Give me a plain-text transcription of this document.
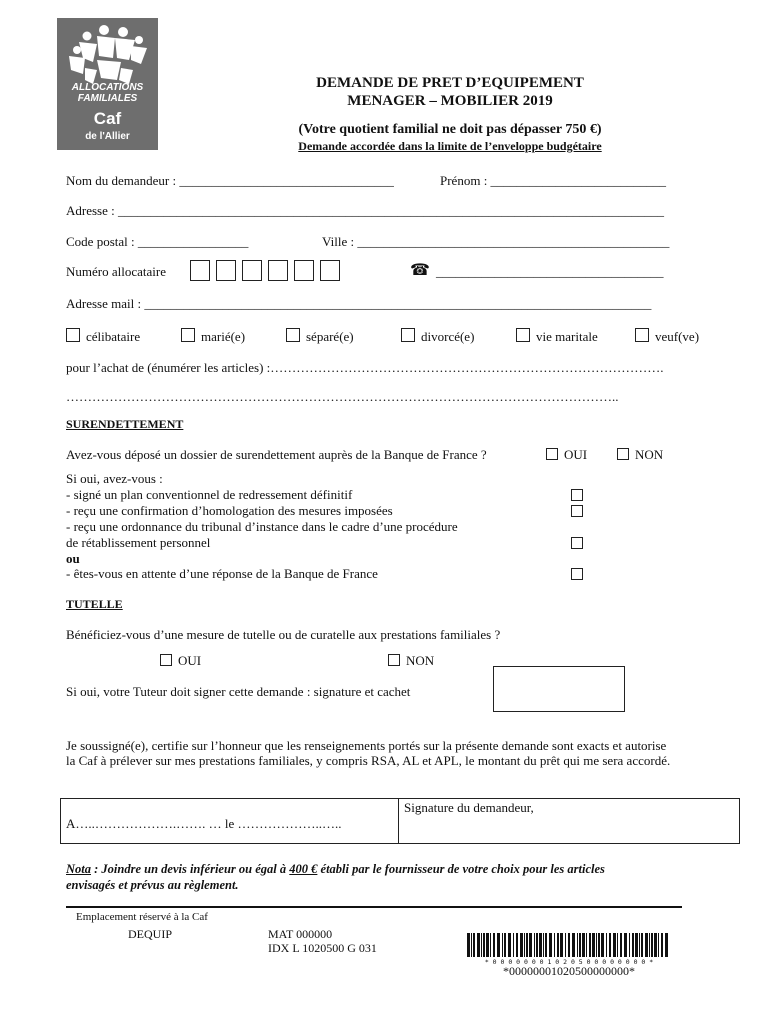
ALLOCATIONS
FAMILIALES
Caf
de l'Allier
DEMANDE DE PRET D’EQUIPEMENT
MENAGER – MOBILIER 2019
(Votre quotient familial ne doit pas dépasser 750 €)
Demande accordée dans la limite de l’enveloppe budgétaire
Nom du demandeur : _________________________________	Prénom : ___________________________
Adresse : ____________________________________________________________________________________
Code postal : _________________	Ville : ________________________________________________
Numéro allocataire	☎ ___________________________________
Adresse mail : ______________________________________________________________________________
célibataire	marié(e)	séparé(e)	divorcé(e)	vie maritale	veuf(ve)
pour l’achat de (énumérer les articles) :……………………………………………………………………………….
………………………………………………………………………………………………………………..
SURENDETTEMENT
Avez-vous déposé un dossier de surendettement auprès de la Banque de France ?	OUI	NON
Si oui, avez-vous :
- signé un plan conventionnel de redressement définitif
- reçu une confirmation d’homologation des mesures imposées
- reçu une ordonnance du tribunal d’instance dans le cadre d’une procédure
de rétablissement personnel
ou
- êtes-vous en attente d’une réponse de la Banque de France
TUTELLE
Bénéficiez-vous d’une mesure de tutelle ou de curatelle aux prestations familiales ?
OUI	NON
Si oui, votre Tuteur doit signer cette demande : signature et cachet
Je soussigné(e), certifie sur l’honneur que les renseignements portés sur la présente demande sont exacts et autorise
la Caf à prélever sur mes prestations familiales, y compris RSA, AL et APL, le montant du prêt qui me sera accordé.
A…..……………….……. … le ………………..…..
Signature du demandeur,
Nota : Joindre un devis inférieur ou égal à 400 € établi par le fournisseur de votre choix pour les articles
envisagés et prévus au règlement.
Emplacement réservé à la Caf
DEQUIP	MAT 000000
IDX L 1020500 G 031
* 0 0 0 0 0 0 0 1 0 2 0 5 0 0 0 0 0 0 0 0 *
*00000001020500000000*
